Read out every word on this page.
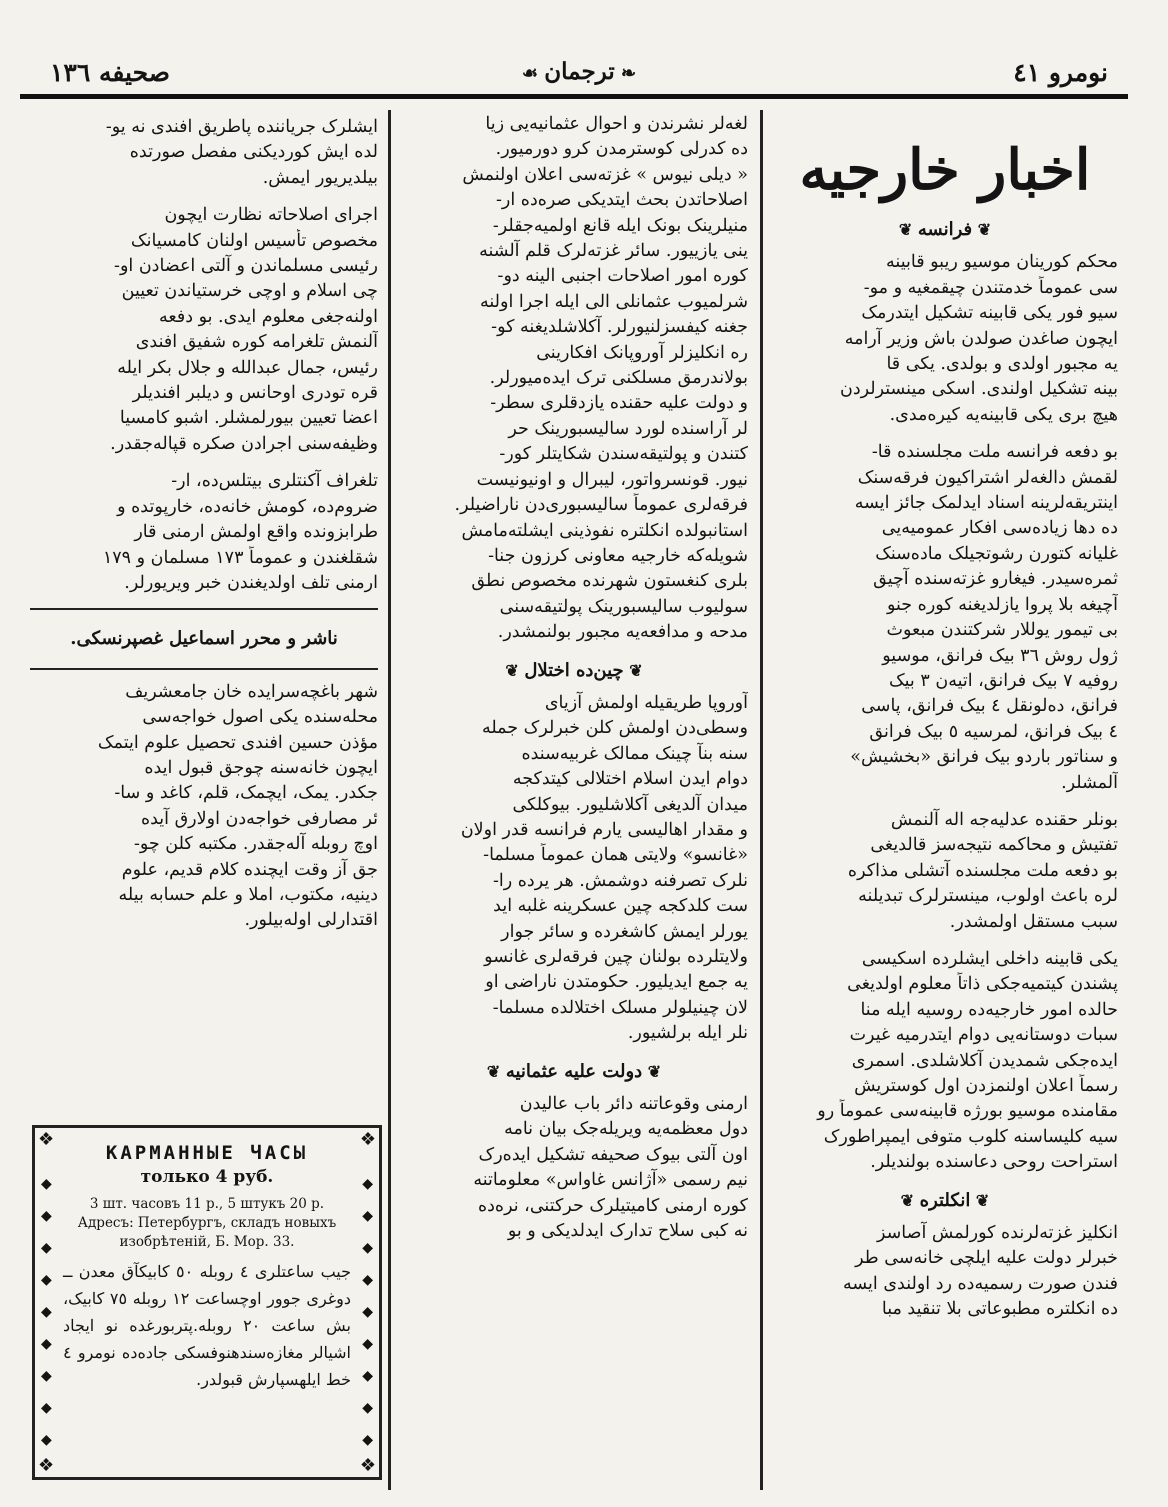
نومرو ٤١
❧ ترجمان ☙
صحیفه ١٣٦
اخبار خارجیه
❦ فرانسه ❦

محکم کورینان موسیو ریبو قابینه
سی عموماً خدمتندن چیقمغیه و مو-
سیو فور یکی قابینه تشکیل ایتدرمک
ایچون صاغدن صولدن باش وزیر آرامه
یه مجبور اولدی و بولدی. یکی قا
بینه تشکیل اولندی. اسکی مینسترلردن
هیچ بری یکی قابینه‌یه کیره‌مدی.

بو دفعه فرانسه ملت مجلسنده قا-
لقمش دالغه‌لر اشتراکیون فرقه‌سنک
اینتریقه‌لرینه اسناد ایدلمک جائز ایسه
ده دها زیاده‌سی افکار عمومیه‌یی
غلیانه کتورن رشوتجیلک ماده‌سنک
ثمره‌سیدر. فیغارو غزته‌سنده آچیق
آچیغه بلا پروا یازلدیغنه کوره جنو
بی تیمور یوللار شرکتندن مبعوث
ژول روش ٣٦ بیک فرانق، موسیو
روفیه ٧ بیک فرانق، اتیه‌ن ٣ بیک
فرانق، ده‌لونقل ٤ بیک فرانق، پاسی
٤ بیک فرانق، لمرسیه ٥ بیک فرانق
و سناتور باردو بیک فرانق «بخشیش»
آلمشلر.

بونلر حقنده عدلیه‌جه اله آلنمش
تفتیش و محاکمه نتیجه‌سز قالدیغی
بو دفعه ملت مجلسنده آتشلی مذاکره
لره باعث اولوب، مینسترلرک تبدیلنه
سبب مستقل اولمشدر.

یکی قابینه داخلی ایشلرده اسکیسی
پشندن کیتمیه‌جکی ذاتاً معلوم اولدیغی
حالده امور خارجیه‌ده روسیه ایله منا
سبات دوستانه‌یی دوام ایتدرمیه غیرت
ایده‌جکی شمدیدن آکلاشلدی. اسمری
رسماً اعلان اولنمزدن اول کوستریش
مقامنده موسیو بورژه قابینه‌سی عموماً رو
سیه کلیساسنه کلوب متوفی ایمپراطورک
استراحت روحی دعاسنده بولندیلر.

❦ انکلتره ❦

انکلیز غزته‌لرنده کورلمش آصاسز
خبرلر دولت علیه ایلچی خانه‌سی طر
فندن صورت رسمیه‌ده رد اولندی ایسه
ده انکلتره مطبوعاتی بلا تنقید مبا

لغه‌لر نشرندن و احوال عثمانیه‌یی زیا
ده کدرلی کوسترمدن کرو دورمیور.
« دیلی نیوس » غزته‌سی اعلان اولنمش
اصلاحاتدن بحث ایتدیکی صره‌ده ار-
منیلرینک بونک ایله قانع اولمیه‌جقلر-
ینی یازییور. سائر غزته‌لرک قلم آلشنه
کوره امور اصلاحات اجنبی الینه دو-
شرلمیوب عثمانلی الی ایله اجرا اولنه
جغنه کیفسزلنیورلر. آکلاشلدیغنه کو-
ره انکلیزلر آوروپانک افکارینی
بولاندرمق مسلکنی ترک ایده‌میورلر.
و دولت علیه حقنده یازدقلری سطر-
لر آراسنده لورد سالیسبورینک حر
کتندن و پولتیقه‌سندن شکایتلر کور-
نیور. قونسرواتور، لیبرال و اونیونیست
فرقه‌لری عموماً سالیسبوری‌دن ناراضیلر.
استانبولده انکلتره نفوذینی ایشلته‌مامش
شویله‌که خارجیه معاونی کرزون جنا-
بلری کنغستون شهرنده مخصوص نطق
سولیوب سالیسبورینک پولتیقه‌سنی
مدحه و مدافعه‌یه مجبور بولنمشدر.

❦ چین‌ده اختلال ❦

آوروپا طریقیله اولمش آزیای
وسطی‌دن اولمش کلن خبرلرک جمله
سنه بنآً چینک ممالک غربیه‌سنده
دوام ایدن اسلام اختلالی کیتدکجه
میدان آلدیغی آکلاشلیور. بیوکلکی
و مقدار اهالیسی یارم فرانسه قدر اولان
«غانسو» ولایتی همان عموماً مسلما-
نلرک تصرفنه دوشمش. هر یرده را-
ست کلدکجه چین عسکرینه غلبه اید
یورلر ایمش کاشغرده و سائر جوار
ولایتلرده بولنان چین فرقه‌لری غانسو
یه جمع ایدیلیور. حکومتدن ناراضی او
لان چینیلولر مسلک اختلالده مسلما-
نلر ایله برلشیور.

❦ دولت علیه عثمانیه ❦

ارمنی وقوعاتنه دائر باب عالیدن
دول معظمه‌یه ویریله‌جک بیان نامه
اون آلتی بیوک صحیفه تشکیل ایده‌رک
نیم رسمی «آژانس غاواس» معلوماتنه
کوره ارمنی کامیتیلرک حرکتنی، نره‌ده
نه کبی سلاح تدارک ایدلدیکی و بو

ایشلرک جریاننده پاطریق افندی نه یو-
لده ایش کوردیکنی مفصل صورتده
بیلدیریور ایمش.

اجرای اصلاحاته نظارت ایچون
مخصوص تأسیس اولنان کامسیانک
رئیسی مسلماندن و آلتی اعضادن او-
چی اسلام و اوچی خرستیاندن تعیین
اولنه‌جغی معلوم ایدی. بو دفعه
آلنمش تلغرامه کوره شفیق افندی
رئیس، جمال عبدالله و جلال بکر ایله
قره تودری اوحانس و دیلبر افندیلر
اعضا تعیین بیورلمشلر. اشبو کامسیا
وظیفه‌سنی اجرادن صکره قپاله‌جقدر.

تلغراف آکنتلری بیتلس‌ده، ار-
ضروم‌ده، کومش خانه‌ده، خارپوتده و
طرابزونده واقع اولمش ارمنی قار
شقلغندن و عموماً ١٧٣ مسلمان و ١٧٩
ارمنی تلف اولدیغندن خبر ویریورلر.

ناشر و محرر اسماعیل غصپرنسکی.

شهر باغچه‌سرایده خان جامعشریف
محله‌سنده یکی اصول خواجه‌سی
مؤذن حسین افندی تحصیل علوم ایتمک
ایچون خانه‌سنه چوجق قبول ایده
جکدر. یمک، ایچمک، قلم، کاغد و سا-
ئر مصارفی خواجه‌دن اولارق آیده
اوچ روبله آله‌جقدر. مکتبه کلن چو-
جق آز وقت ایچنده کلام قدیم، علوم
دینیه، مکتوب، املا و علم حسابه بیله
اقتدارلی اوله‌بیلور.

❖	❖
❖	❖
◆
◆
◆
◆
◆
◆
◆
◆
◆
◆
◆
◆
◆
◆
◆
◆
◆
◆
КАРМАННЫЕ ЧАСЫ
только 4 руб.
3 шт. часовъ 11 р., 5 штукъ 20 р.
Адресъ: Петербургъ, складъ новыхъ
изобрѣтеній, Б. Мор. 33.
جیب ساعتلری ٤ روبله ٥٠ کابیکآق معدن ــ دوغری جوور اوچساعت ١٢ روبله ٧٥ کابیک، بش ساعت ٢٠ روبله.پتربورغده نو ایجاد اشیالر مغازه‌سندهنوفسکی جاده‌ده نومرو ٤ خط ایلهسپارش قبولدر.
